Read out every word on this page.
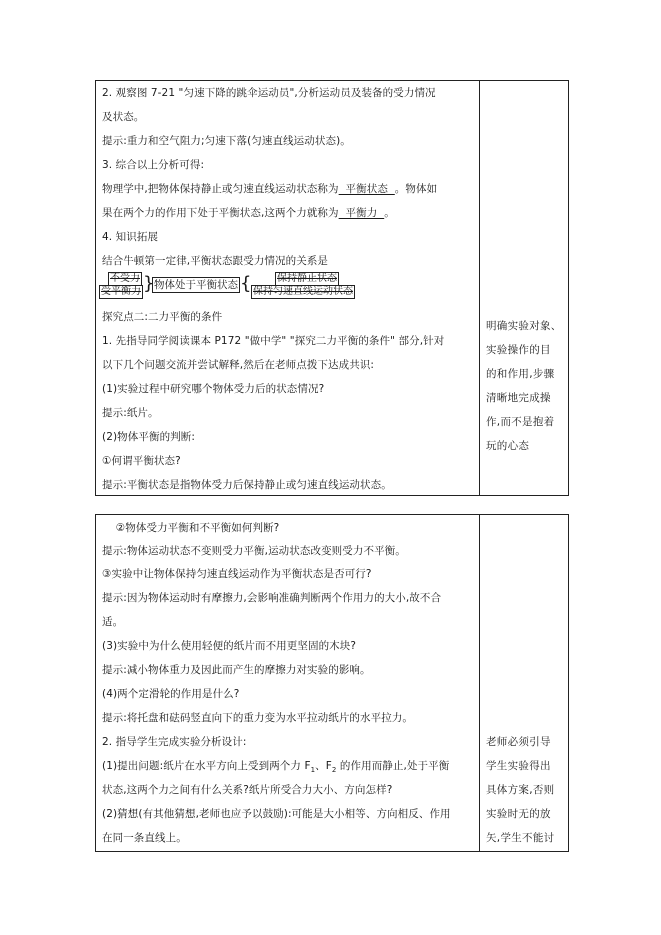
2. 观察图 7-21 "匀速下降的跳伞运动员",分析运动员及装备的受力情况
及状态。
提示:重力和空气阻力;匀速下落(匀速直线运动状态)。
3. 综合以上分析可得:
物理学中,把物体保持静止或匀速直线运动状态称为  平衡状态  。物体如
果在两个力的作用下处于平衡状态,这两个力就称为  平衡力  。
4. 知识拓展
结合牛顿第一定律,平衡状态跟受力情况的关系是
不受力
受平衡力 } 物体处于平衡状态 {	保持静止状态
保持匀速直线运动状态
探究点二:二力平衡的条件
1. 先指导同学阅读课本 P172 "做中学" "探究二力平衡的条件" 部分,针对
以下几个问题交流并尝试解释,然后在老师点拨下达成共识:
(1)实验过程中研究哪个物体受力后的状态情况?
提示:纸片。
(2)物体平衡的判断:
①何谓平衡状态?
提示:平衡状态是指物体受力后保持静止或匀速直线运动状态。
明确实验对象、
实验操作的目
的和作用,步骤
清晰地完成操
作,而不是抱着
玩的心态
②物体受力平衡和不平衡如何判断?
提示:物体运动状态不变则受力平衡,运动状态改变则受力不平衡。
③实验中让物体保持匀速直线运动作为平衡状态是否可行?
提示:因为物体运动时有摩擦力,会影响准确判断两个作用力的大小,故不合
适。
(3)实验中为什么使用轻便的纸片而不用更坚固的木块?
提示:减小物体重力及因此而产生的摩擦力对实验的影响。
(4)两个定滑轮的作用是什么?
提示:将托盘和砝码竖直向下的重力变为水平拉动纸片的水平拉力。
2. 指导学生完成实验分析设计:
(1)提出问题:纸片在水平方向上受到两个力 $F_1$、$F_2$ 的作用而静止,处于平衡
状态,这两个力之间有什么关系?纸片所受合力大小、方向怎样?
(2)猜想(有其他猜想,老师也应予以鼓励):可能是大小相等、方向相反、作用
在同一条直线上。
老师必须引导
学生实验得出
具体方案,否则
实验时无的放
矢,学生不能讨
